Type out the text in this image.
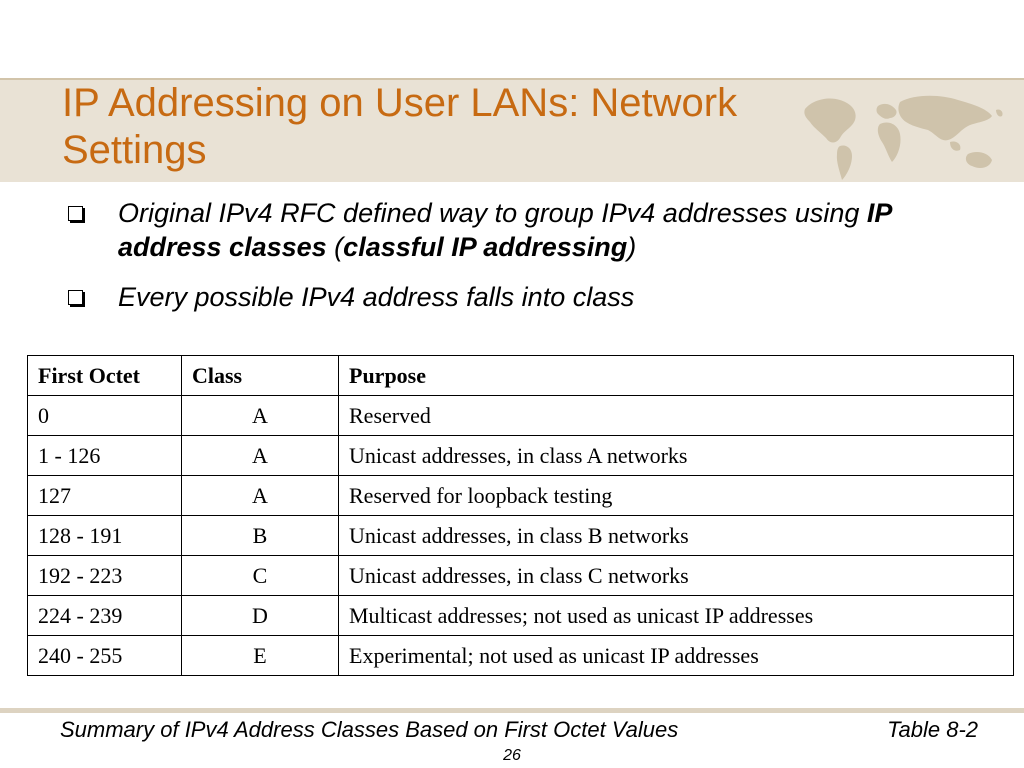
IP Addressing on User LANs: Network
Settings
Original IPv4 RFC defined way to group IPv4 addresses using IP address classes (classful IP addressing)
Every possible IPv4 address falls into class
First Octet	Class	Purpose
0	A	Reserved
1 - 126	A	Unicast addresses, in class A networks
127	A	Reserved for loopback testing
128 - 191	B	Unicast addresses, in class B networks
192 - 223	C	Unicast addresses, in class C networks
224 - 239	D	Multicast addresses; not used as unicast IP addresses
240 - 255	E	Experimental; not used as unicast IP addresses
Summary of IPv4 Address Classes Based on First Octet Values	Table 8-2
26
